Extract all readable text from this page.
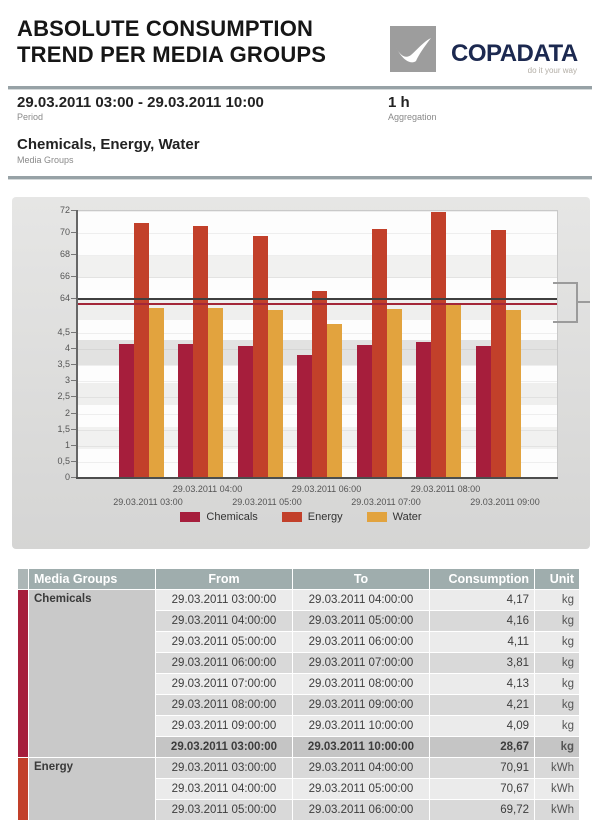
ABSOLUTE CONSUMPTION
TREND PER MEDIA GROUPS	COPADATA
do it your way
29.03.2011 03:00 - 29.03.2011 10:00
Period
1 h
Aggregation
Chemicals, Energy, Water
Media Groups
Chemicals	Energy	Water
0
0,5
1
1,5
2
2,5
3
3,5
4
4,5
64
66
68
70
72
29.03.2011 03:00
29.03.2011 04:00
29.03.2011 05:00
29.03.2011 06:00
29.03.2011 07:00
29.03.2011 08:00
29.03.2011 09:00
	Media Groups	From	To	Consumption	Unit
	Chemicals	29.03.2011 03:00:00	29.03.2011 04:00:00	4,17	kg
		29.03.2011 04:00:00	29.03.2011 05:00:00	4,16	kg
		29.03.2011 05:00:00	29.03.2011 06:00:00	4,11	kg
		29.03.2011 06:00:00	29.03.2011 07:00:00	3,81	kg
		29.03.2011 07:00:00	29.03.2011 08:00:00	4,13	kg
		29.03.2011 08:00:00	29.03.2011 09:00:00	4,21	kg
		29.03.2011 09:00:00	29.03.2011 10:00:00	4,09	kg
		29.03.2011 03:00:00	29.03.2011 10:00:00	28,67	kg
	Energy	29.03.2011 03:00:00	29.03.2011 04:00:00	70,91	kWh
		29.03.2011 04:00:00	29.03.2011 05:00:00	70,67	kWh
		29.03.2011 05:00:00	29.03.2011 06:00:00	69,72	kWh
